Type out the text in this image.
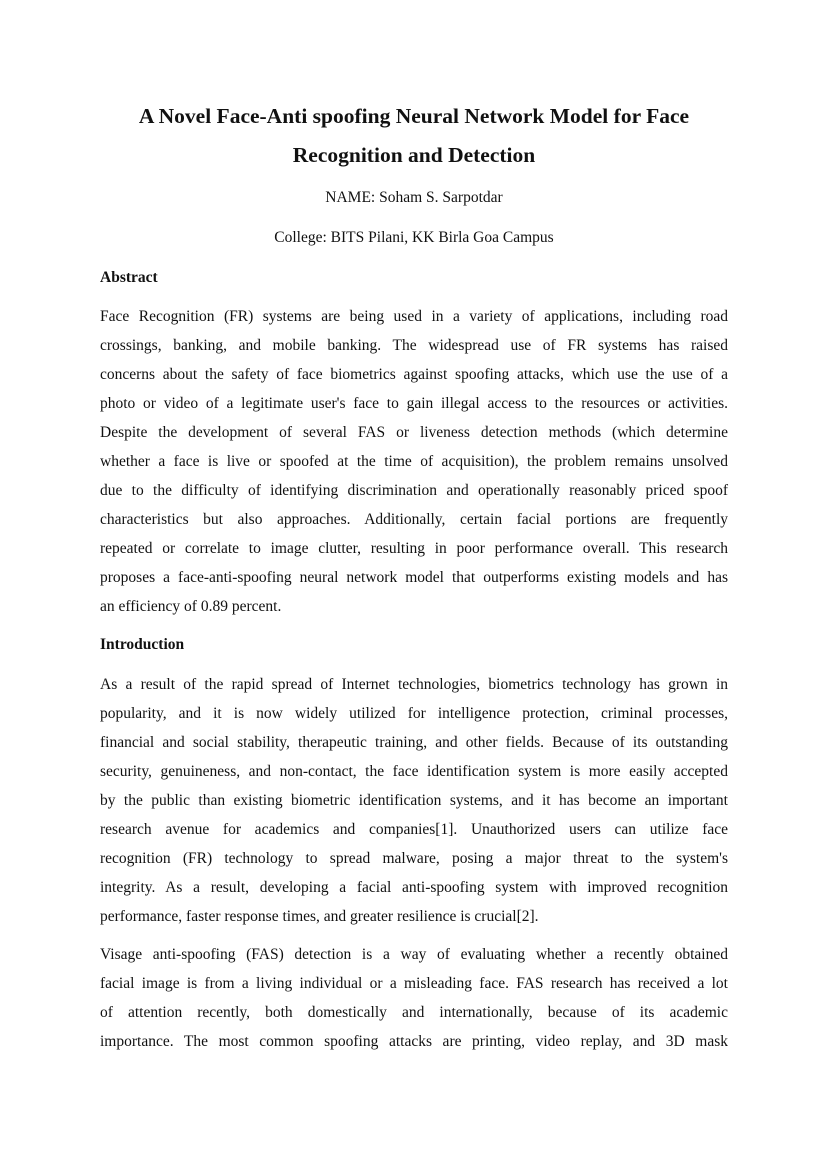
A Novel Face-Anti spoofing Neural Network Model for Face
Recognition and Detection

NAME: Soham S. Sarpotdar

College: BITS Pilani, KK Birla Goa Campus

Abstract
Face Recognition (FR) systems are being used in a variety of applications, including road
crossings, banking, and mobile banking. The widespread use of FR systems has raised
concerns about the safety of face biometrics against spoofing attacks, which use the use of a
photo or video of a legitimate user's face to gain illegal access to the resources or activities.
Despite the development of several FAS or liveness detection methods (which determine
whether a face is live or spoofed at the time of acquisition), the problem remains unsolved
due to the difficulty of identifying discrimination and operationally reasonably priced spoof
characteristics but also approaches. Additionally, certain facial portions are frequently
repeated or correlate to image clutter, resulting in poor performance overall. This research
proposes a face-anti-spoofing neural network model that outperforms existing models and has
an efficiency of 0.89 percent.
Introduction
As a result of the rapid spread of Internet technologies, biometrics technology has grown in
popularity, and it is now widely utilized for intelligence protection, criminal processes,
financial and social stability, therapeutic training, and other fields. Because of its outstanding
security, genuineness, and non-contact, the face identification system is more easily accepted
by the public than existing biometric identification systems, and it has become an important
research avenue for academics and companies[1]. Unauthorized users can utilize face
recognition (FR) technology to spread malware, posing a major threat to the system's
integrity. As a result, developing a facial anti-spoofing system with improved recognition
performance, faster response times, and greater resilience is crucial[2].
Visage anti-spoofing (FAS) detection is a way of evaluating whether a recently obtained
facial image is from a living individual or a misleading face. FAS research has received a lot
of attention recently, both domestically and internationally, because of its academic
importance. The most common spoofing attacks are printing, video replay, and 3D mask
